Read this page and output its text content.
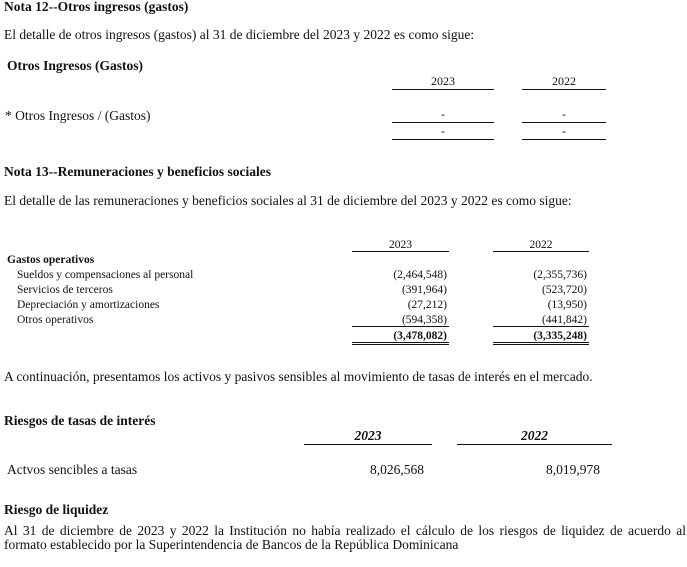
Nota 12--Otros ingresos (gastos)
El detalle de otros ingresos (gastos) al 31 de diciembre del 2023 y 2022 es como sigue:
Otros Ingresos (Gastos)
2023	2022
* Otros Ingresos / (Gastos)	-	-
-	-
Nota 13--Remuneraciones y beneficios sociales
El detalle de las remuneraciones y beneficios sociales al 31 de diciembre del 2023 y 2022 es como sigue:
2023	2022
Gastos operativos
Sueldos y compensaciones al personal	(2,464,548)	(2,355,736)
Servicios de terceros	(391,964)	(523,720)
Depreciación y amortizaciones	(27,212)	(13,950)
Otros operativos	(594,358)	(441,842)
(3,478,082)	(3,335,248)
A continuación, presentamos los activos y pasivos sensibles al movimiento de tasas de interés en el mercado.
Riesgos de tasas de interés
2023	2022
Actvos sencibles a tasas	8,026,568	8,019,978
Riesgo de liquidez
Al 31 de diciembre de 2023 y 2022 la Institución no había realizado el cálculo de los riesgos de liquidez de acuerdo al formato establecido por la Superintendencia de Bancos de la República Dominicana
